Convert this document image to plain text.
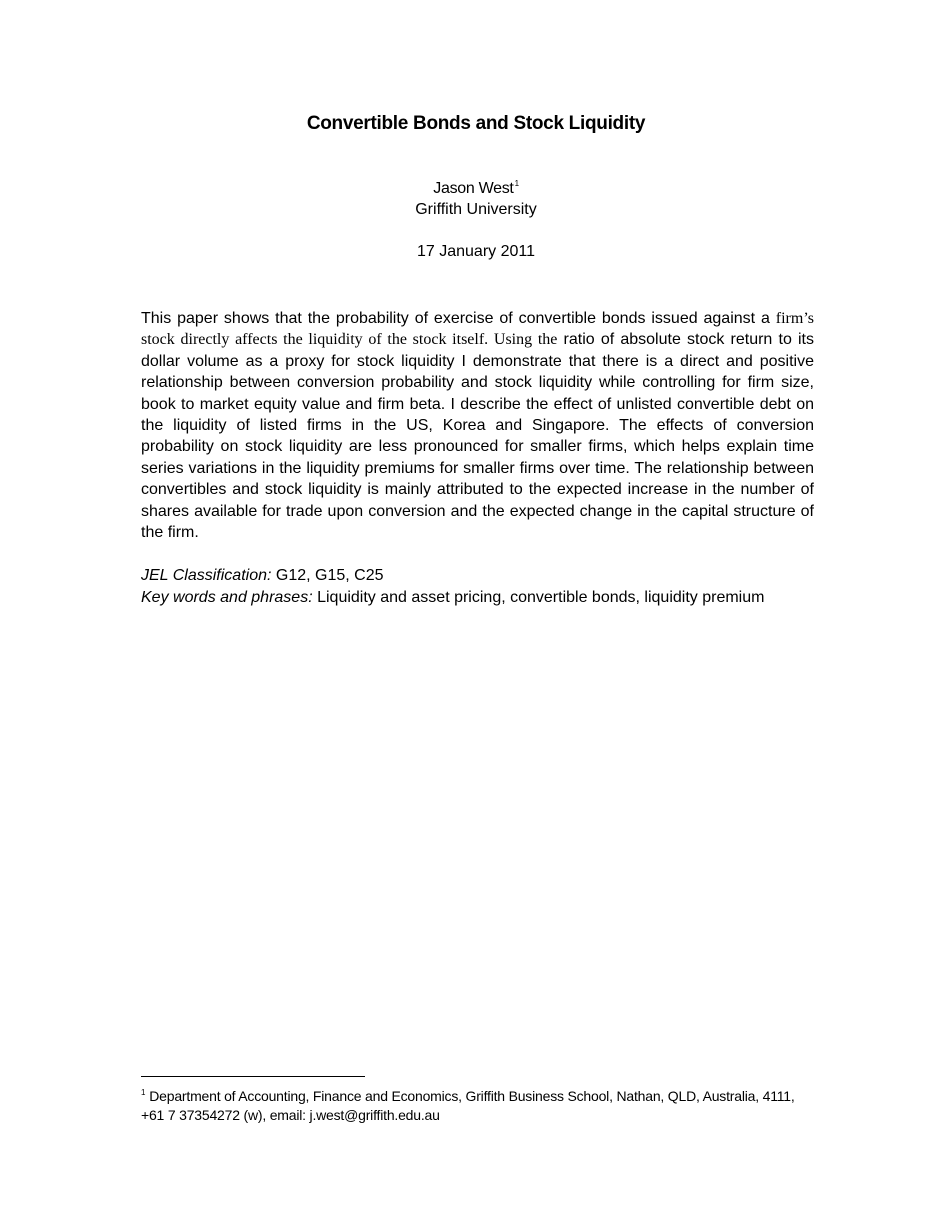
Convertible Bonds and Stock Liquidity
Jason West$^1$
Griffith University
17 January 2011
This paper shows that the probability of exercise of convertible bonds issued against a firm’s stock directly affects the liquidity of the stock itself. Using the ratio of absolute stock return to its dollar volume as a proxy for stock liquidity I demonstrate that there is a direct and positive relationship between conversion probability and stock liquidity while controlling for firm size, book to market equity value and firm beta. I describe the effect of unlisted convertible debt on the liquidity of listed firms in the US, Korea and Singapore. The effects of conversion probability on stock liquidity are less pronounced for smaller firms, which helps explain time series variations in the liquidity premiums for smaller firms over time. The relationship between convertibles and stock liquidity is mainly attributed to the expected increase in the number of shares available for trade upon conversion and the expected change in the capital structure of the firm.
JEL Classification: G12, G15, C25
Key words and phrases: Liquidity and asset pricing, convertible bonds, liquidity premium
$^1$ Department of Accounting, Finance and Economics, Griffith Business School, Nathan, QLD, Australia, 4111, +61 7 37354272 (w), email: j.west@griffith.edu.au
